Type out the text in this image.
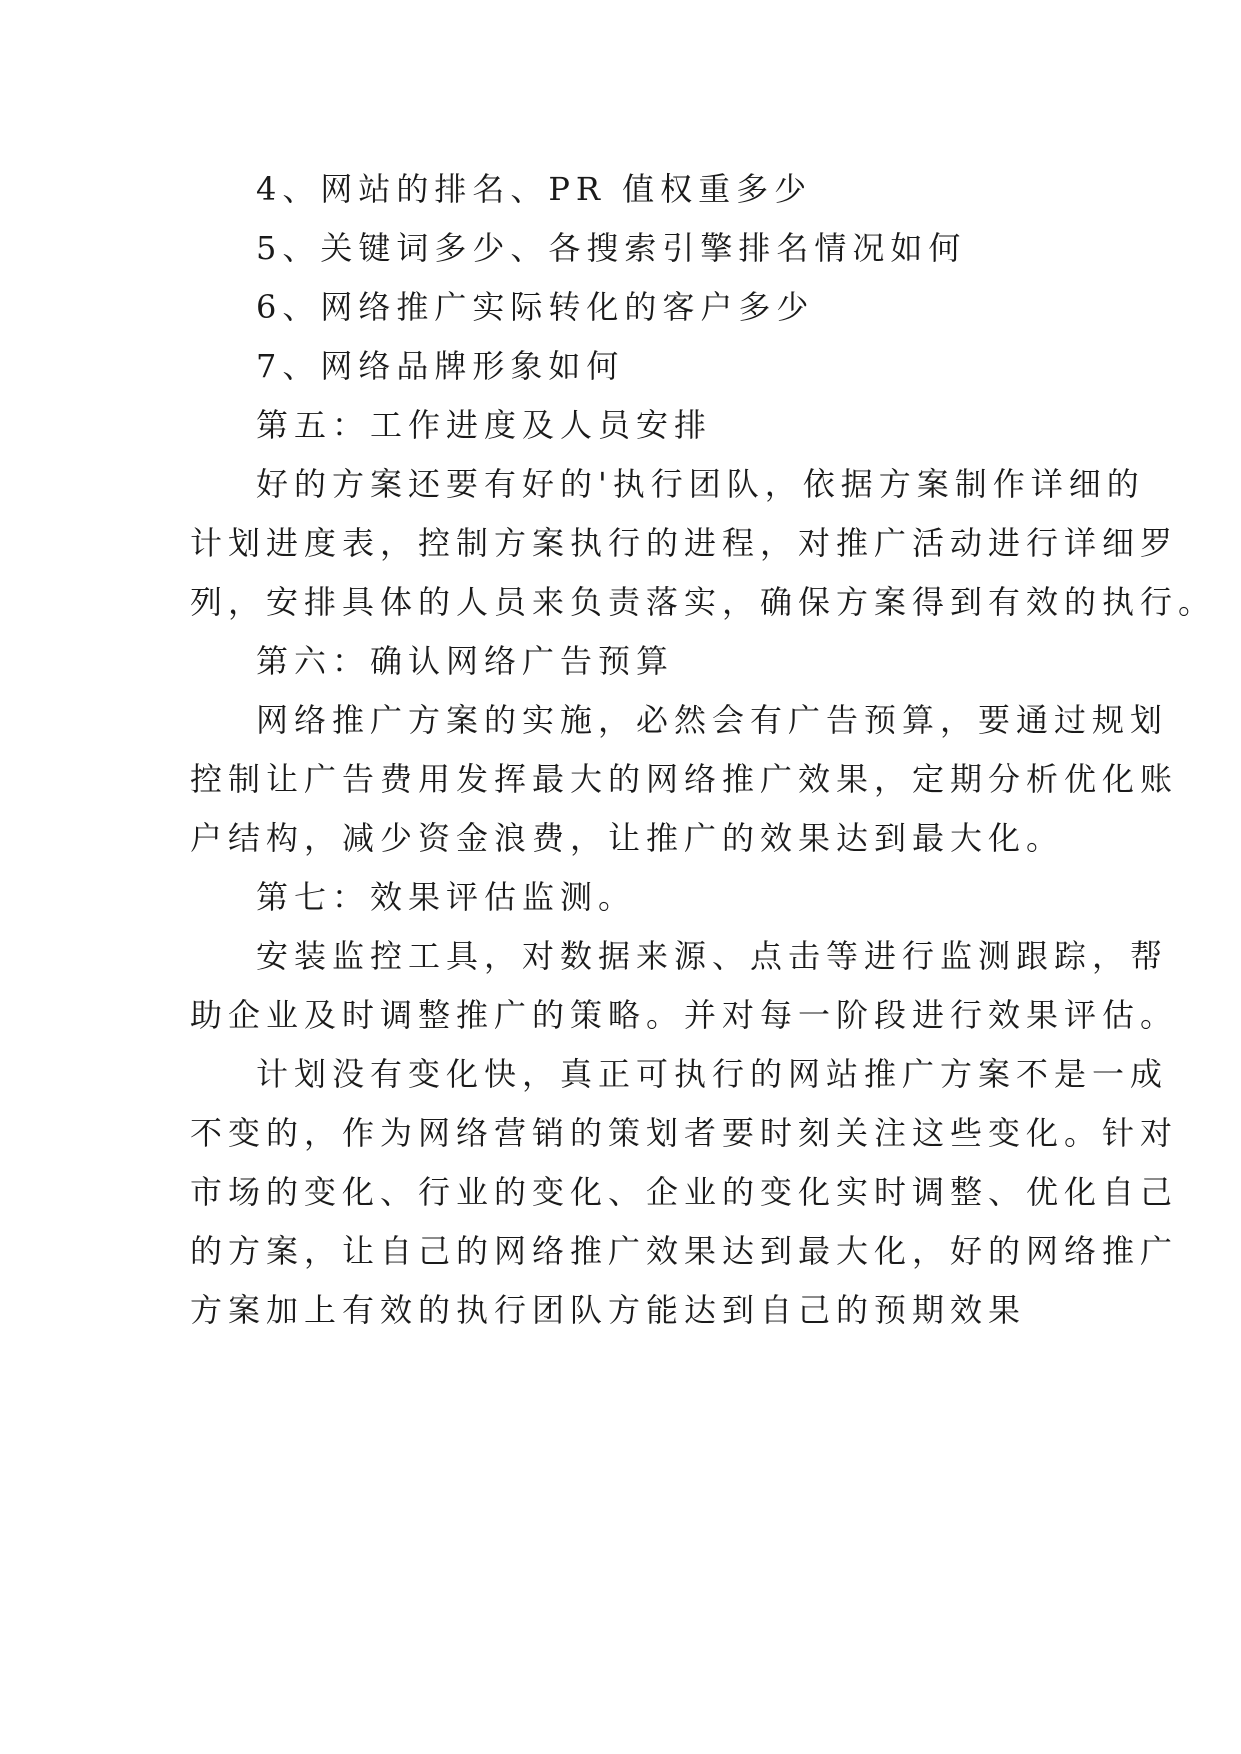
4、网站的排名、PR 值权重多少
5、关键词多少、各搜索引擎排名情况如何
6、网络推广实际转化的客户多少
7、网络品牌形象如何
第五：工作进度及人员安排
好的方案还要有好的'执行团队，依据方案制作详细的
计划进度表，控制方案执行的进程，对推广活动进行详细罗
列，安排具体的人员来负责落实，确保方案得到有效的执行。
第六：确认网络广告预算
网络推广方案的实施，必然会有广告预算，要通过规划
控制让广告费用发挥最大的网络推广效果，定期分析优化账
户结构，减少资金浪费，让推广的效果达到最大化。
第七：效果评估监测。
安装监控工具，对数据来源、点击等进行监测跟踪，帮
助企业及时调整推广的策略。并对每一阶段进行效果评估。
计划没有变化快，真正可执行的网站推广方案不是一成
不变的，作为网络营销的策划者要时刻关注这些变化。针对
市场的变化、行业的变化、企业的变化实时调整、优化自己
的方案，让自己的网络推广效果达到最大化，好的网络推广
方案加上有效的执行团队方能达到自己的预期效果
